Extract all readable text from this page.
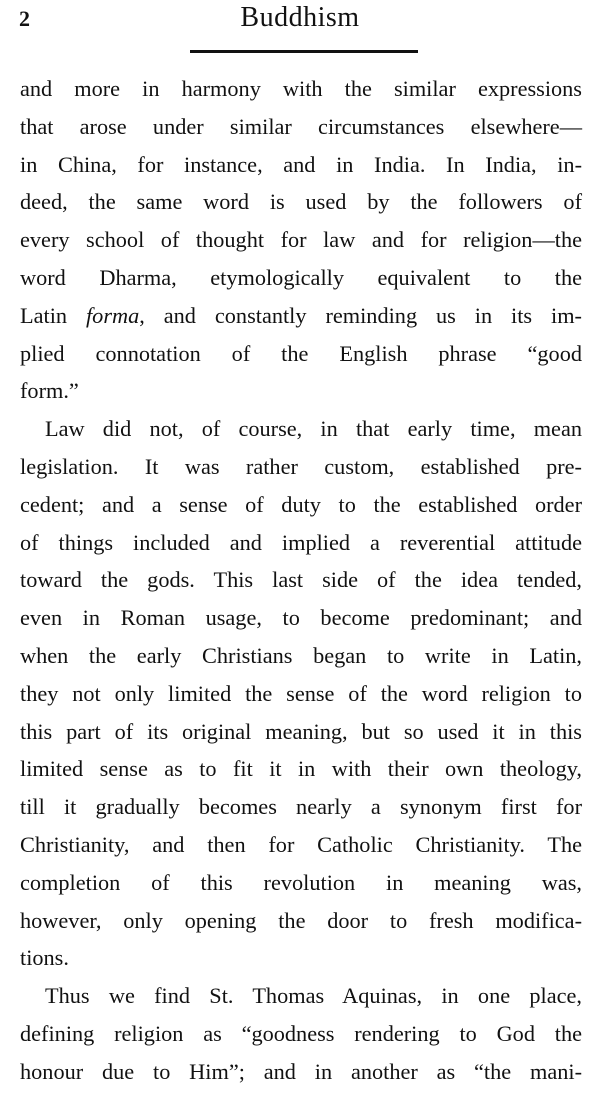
2	Buddhism
and more in harmony with the similar expressions
that arose under similar circumstances elsewhere—
in China, for instance, and in India. In India, in-
deed, the same word is used by the followers of
every school of thought for law and for religion—the
word Dharma, etymologically equivalent to the
Latin forma, and constantly reminding us in its im-
plied connotation of the English phrase “good
form.”
Law did not, of course, in that early time, mean
legislation. It was rather custom, established pre-
cedent; and a sense of duty to the established order
of things included and implied a reverential attitude
toward the gods. This last side of the idea tended,
even in Roman usage, to become predominant; and
when the early Christians began to write in Latin,
they not only limited the sense of the word religion to
this part of its original meaning, but so used it in this
limited sense as to fit it in with their own theology,
till it gradually becomes nearly a synonym first for
Christianity, and then for Catholic Christianity. The
completion of this revolution in meaning was,
however, only opening the door to fresh modifica-
tions.
Thus we find St. Thomas Aquinas, in one place,
defining religion as “goodness rendering to God the
honour due to Him”; and in another as “the mani-
